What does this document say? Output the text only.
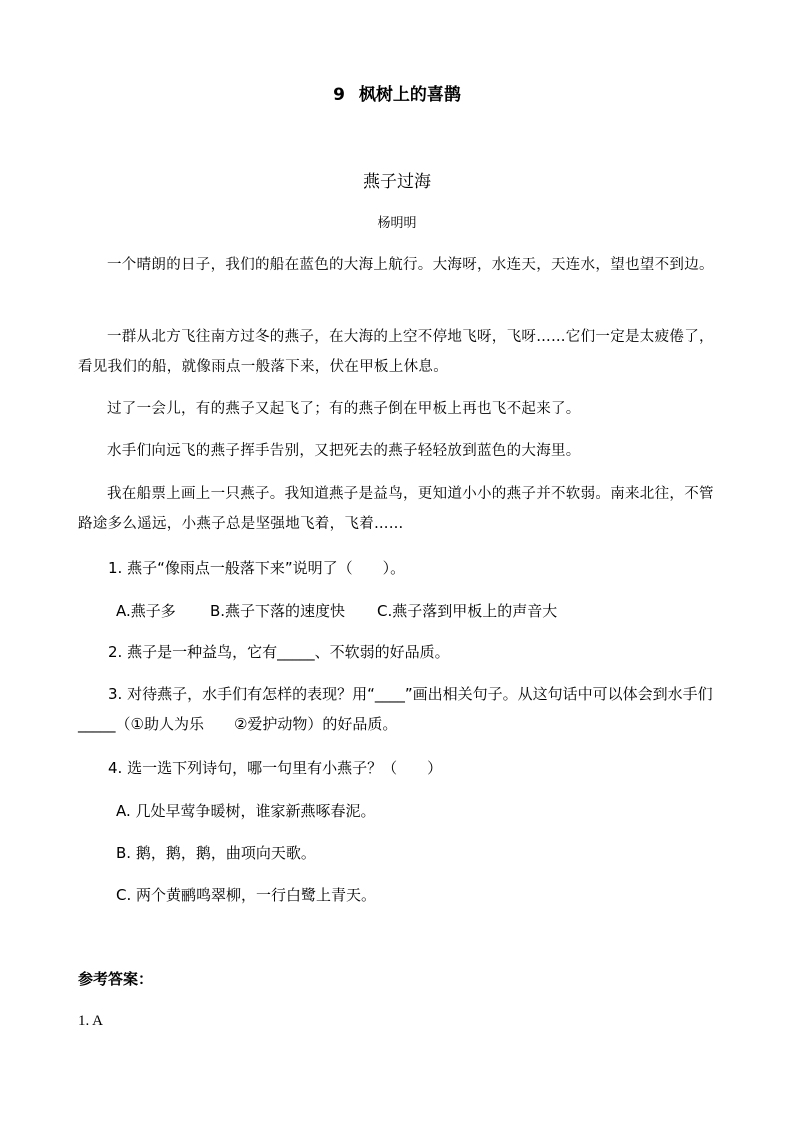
9 枫树上的喜鹊
燕子过海
杨明明
一个晴朗的日子，我们的船在蓝色的大海上航行。大海呀，水连天，天连水，望也望不到边。
一群从北方飞往南方过冬的燕子，在大海的上空不停地飞呀，飞呀……它们一定是太疲倦了，看见我们的船，就像雨点一般落下来，伏在甲板上休息。
过了一会儿，有的燕子又起飞了；有的燕子倒在甲板上再也飞不起来了。
水手们向远飞的燕子挥手告别，又把死去的燕子轻轻放到蓝色的大海里。
我在船票上画上一只燕子。我知道燕子是益鸟，更知道小小的燕子并不软弱。南来北往，不管路途多么遥远，小燕子总是坚强地飞着，飞着……
1. 燕子“像雨点一般落下来”说明了（　　）。
A.燕子多 B.燕子下落的速度快 C.燕子落到甲板上的声音大
2. 燕子是一种益鸟，它有_____、不软弱的好品质。
3. 对待燕子，水手们有怎样的表现？用“____”画出相关句子。从这句话中可以体会到水手们_____（①助人为乐　　②爱护动物）的好品质。
4. 选一选下列诗句，哪一句里有小燕子？（　　）
A. 几处早莺争暖树，谁家新燕啄春泥。
B. 鹅，鹅，鹅，曲项向天歌。
C. 两个黄鹂鸣翠柳，一行白鹭上青天。
参考答案：
1. A
